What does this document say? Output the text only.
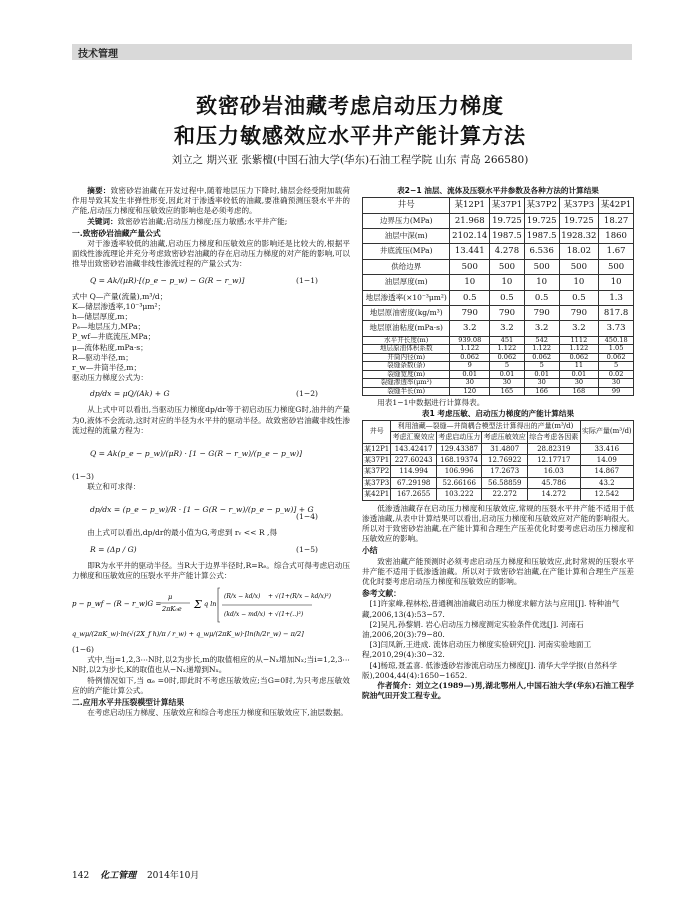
技术管理
致密砂岩油藏考虑启动压力梯度
和压力敏感效应水平井产能计算方法
刘立之 期兴亚 张紫檀(中国石油大学(华东)石油工程学院 山东 青岛 266580)

摘要：致密砂岩油藏在开发过程中,随着地层压力下降时,储层会经受附加载荷作用导致其发生非弹性形变,因此对于渗透率较低的油藏,要准确预测压裂水平井的产能,启动压力梯度和压敏效应的影响也是必须考虑的。

关键词：致密砂岩油藏;启动压力梯度;压力敏感;水平井产能;

一.致密砂岩油藏产量公式

对于渗透率较低的油藏,启动压力梯度和压敏效应的影响还是比较大的,根据平面线性渗流理论并充分考虑致密砂岩油藏的存在启动压力梯度的对产能的影响,可以推导出致密砂岩油藏非线性渗流过程的产量公式为：

Q = Ak/(μR)·[(p_e − p_w) − G(R − r_w)]	(1−1)

式中 Q—产量(流量),m³/d；

K—储层渗透率,10⁻³μm²；

h—储层厚度,m；

Pₑ—地层压力,MPa；

P_wf—井底流压,MPa；

μ—流体粘度,mPa·s；

R—驱动半径,m；

r_w—井筒半径,m；

驱动压力梯度公式为：

dp/dx = μQ/(Ak) + G	(1−2)

从上式中可以看出,当驱动压力梯度dp/dr等于初启动压力梯度G时,油井的产量为0,液体不会流动,这时对应的半径为水平井的驱动半径。故致密砂岩油藏非线性渗流过程的流量方程为：

Q = Ak(p_e − p_w)/(μR) · [1 − G(R − r_w)/(p_e − p_w)]

(1−3)

联立和可求得：

dp/dx = (p_e − p_w)/R · [1 − G(R − r_w)/(p_e − p_w)] + G
(1−4)

由上式可以看出,dp/dr的最小值为G,考虑到 rᵥ << R ,得

R = (Δp / G)	(1−5)

即R为水平井的驱动半径。当R大于边界半径时,R=Rₑ。综合式可得考虑启动压力梯度和压敏效应的压裂水平井产能计算公式：

p − p_wf − (R − r_w)G =
μ
2πK₀e Σ q ln
(R/x − kd/x)
(kd/x − md/x)
+ √(1+(R/x − kd/x)²)
+ √(1+(..)²)
q_wμ/(2πK_w)·ln(√(2X_f h)/π / r_w) + q_wμ/(2πK_w)·[ln(h/2r_w) − π/2]

(1−6)

式中,当j=1,2,3⋯N时,以2为步长,m的取值相应的从−Nₓ增加Nₓ;当i=1,2,3⋯N时,以2为步长,K的取值也从−Nₓ递增到Nₓ。

特例情况如下,当 αₑ =0时,即此时不考虑压敏效应;当G=0时,为只考虑压敏效应的的产能计算公式。

二.应用水平井压裂模型计算结果

在考虑启动压力梯度、压敏效应和综合考虑压力梯度和压敏效应下,油层数据。

表2−1 油层、流体及压裂水平井参数及各种方法的计算结果

井号	某12P1	某37P1	某37P2	某37P3	某42P1
边界压力(MPa)	21.968	19.725	19.725	19.725	18.27
油层中深(m)	2102.14	1987.5	1987.5	1928.32	1860
井底流压(MPa)	13.441	4.278	6.536	18.02	1.67
供给边界	500	500	500	500	500
油层厚度(m)	10	10	10	10	10
地层渗透率(×10⁻³μm²)	0.5	0.5	0.5	0.5	1.3
地层原油密度(kg/m³)	790	790	790	790	817.8
地层原油粘度(mPa·s)	3.2	3.2	3.2	3.2	3.73
水平井长度(m)	939.08	451	542	1112	450.18
地层原油体积系数	1.122	1.122	1.122	1.122	1.05
井筒内径(m)	0.062	0.062	0.062	0.062	0.062
裂缝条数(条)	9	5	5	11	5
裂缝宽度(m)	0.01	0.01	0.01	0.01	0.02
裂缝渗透率(μm²)	30	30	30	30	30
裂缝半长(m)	120	165	166	168	99

用表1−1中数据进行计算得表。

表1 考虑压敏、启动压力梯度的产能计算结果

井号	利用油藏—裂缝—井筒耦合模型法计算得出的产量(m³/d)				实际产量(m³/d)
	考虑汇聚效应	考虑启动压力	考虑压敏效应	综合考虑各因素	
某12P1	143.42417	129.43387	31.4807	28.82319	33.416
某37P1	227.60243	168.19374	12.76922	12.17717	14.09
某37P2	114.994	106.996	17.2673	16.03	14.867
某37P3	67.29198	52.66166	56.58859	45.786	43.2
某42P1	167.2655	103.222	22.272	14.272	12.542

低渗透油藏存在启动压力梯度和压敏效应,常规的压裂水平井产能不适用于低渗透油藏,从表中计算结果可以看出,启动压力梯度和压敏效应对产能的影响很大。所以对于致密砂岩油藏,在产能计算和合理生产压差优化时要考虑启动压力梯度和压敏效应的影响。

小结

致密油藏产能预测时必须考虑启动压力梯度和压敏效应,此时常规的压裂水平井产能不适用于低渗透油藏。所以对于致密砂岩油藏,在产能计算和合理生产压差优化时要考虑启动压力梯度和压敏效应的影响。

参考文献：

[1]许家峰,程林松,普通稠油油藏启动压力梯度求解方法与应用[J]. 特种油气藏,2006,13(4):53−57.

[2]吴凡,孙黎娟. 岩心启动压力梯度测定实验条件优选[J]. 河南石油,2006,20(3):79−80.

[3]闫凤新,王进成. 流体启动压力梯度实验研究[J]. 河南实验地面工程,2010,29(4):30−32.

[4]杨琼,聂孟喜. 低渗透砂岩渗流启动压力梯度[J]. 清华大学学报(自然科学版),2004,44(4):1650−1652.

作者简介：刘立之(1989—)男,湖北鄂州人,中国石油大学(华东)石油工程学院油气田开发工程专业。

142 化工管理 2014年10月
